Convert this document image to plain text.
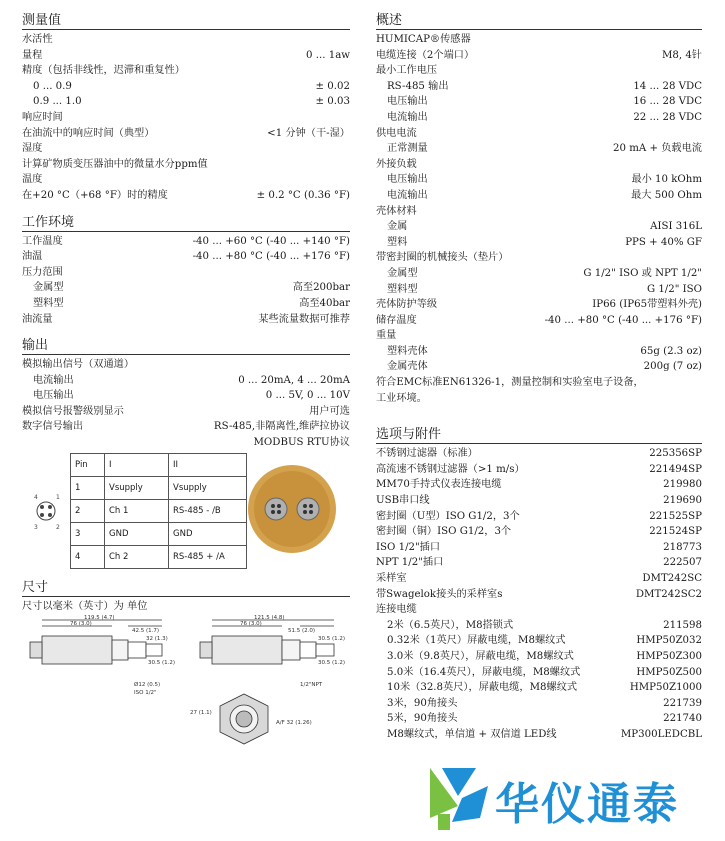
测量值
水活性
量程	0 ... 1aw
精度（包括非线性，迟滞和重复性）
0 ... 0.9	± 0.02
0.9 ... 1.0	± 0.03
响应时间
在油流中的响应时间（典型）	<1 分钟（干-湿）
湿度
计算矿物质变压器油中的微量水分ppm值
温度
在+20 °C（+68 °F）时的精度	± 0.2 °C (0.36 °F)
工作环境
工作温度	-40 ... +60 °C (-40 ... +140 °F)
油温	-40 ... +80 °C (-40 ... +176 °F)
压力范围
金属型	高至200bar
塑料型	高至40bar
油流量	某些流量数据可推荐
输出
模拟输出信号（双通道）
电流输出	0 ... 20mA, 4 ... 20mA
电压输出	0 ... 5V, 0 ... 10V
模拟信号报警级别显示	用户可选
数字信号输出	RS-485,非隔离性,维萨拉协议
MODBUS RTU协议
4	1
3	2
Pin	I	II
1	Vsupply	Vsupply
2	Ch 1	RS-485 - /B
3	GND	GND
4	Ch 2	RS-485 + /A
尺寸
尺寸以毫米（英寸）为 单位
119.5 (4.7)
76 (3.0)
42.5 (1.7)
32 (1.3)
30.5 (1.2)
121.5 (4.8)
76 (3.0)
51.5 (2.0)
30.5 (1.2)
30.5 (1.2)
Ø12 (0.5)
ISO 1/2"
1/2"NPT
27 (1.1)
A/F 32 (1.26)
概述
HUMICAP®传感器
电缆连接（2个端口）	M8, 4针
最小工作电压
RS-485 输出	14 ... 28 VDC
电压输出	16 ... 28 VDC
电流输出	22 ... 28 VDC
供电电流
正常测量	20 mA + 负载电流
外接负载
电压输出	最小 10 kOhm
电流输出	最大 500 Ohm
壳体材料
金属	AISI 316L
塑料	PPS + 40% GF
带密封圈的机械接头（垫片）
金属型	G 1/2" ISO 或 NPT 1/2"
塑料型	G 1/2" ISO
壳体防护等级	IP66 (IP65带塑料外壳)
储存温度	-40 ... +80 °C (-40 ... +176 °F)
重量
塑料壳体	65g (2.3 oz)
金属壳体	200g (7 oz)
符合EMC标准EN61326-1，测量控制和实验室电子设备，
工业环境。
选项与附件
不锈钢过滤器（标准）	225356SP
高流速不锈钢过滤器（>1 m/s）	221494SP
MM70手持式仪表连接电缆	219980
USB串口线	219690
密封圈（U型）ISO G1/2，3个	221525SP
密封圈（铜）ISO G1/2，3个	221524SP
ISO 1/2"插口	218773
NPT 1/2"插口	222507
采样室	DMT242SC
带Swagelok接头的采样室s	DMT242SC2
连接电缆
2米（6.5英尺），M8搭锁式	211598
0.32米（1英尺）屏蔽电缆，M8螺纹式	HMP50Z032
3.0米（9.8英尺），屏蔽电缆，M8螺纹式	HMP50Z300
5.0米（16.4英尺），屏蔽电缆，M8螺纹式	HMP50Z500
10米（32.8英尺），屏蔽电缆，M8螺纹式	HMP50Z1000
3米，90角接头	221739
5米，90角接头	221740
M8螺纹式，单信道 + 双信道 LED线	MP300LEDCBL
华仪通泰
